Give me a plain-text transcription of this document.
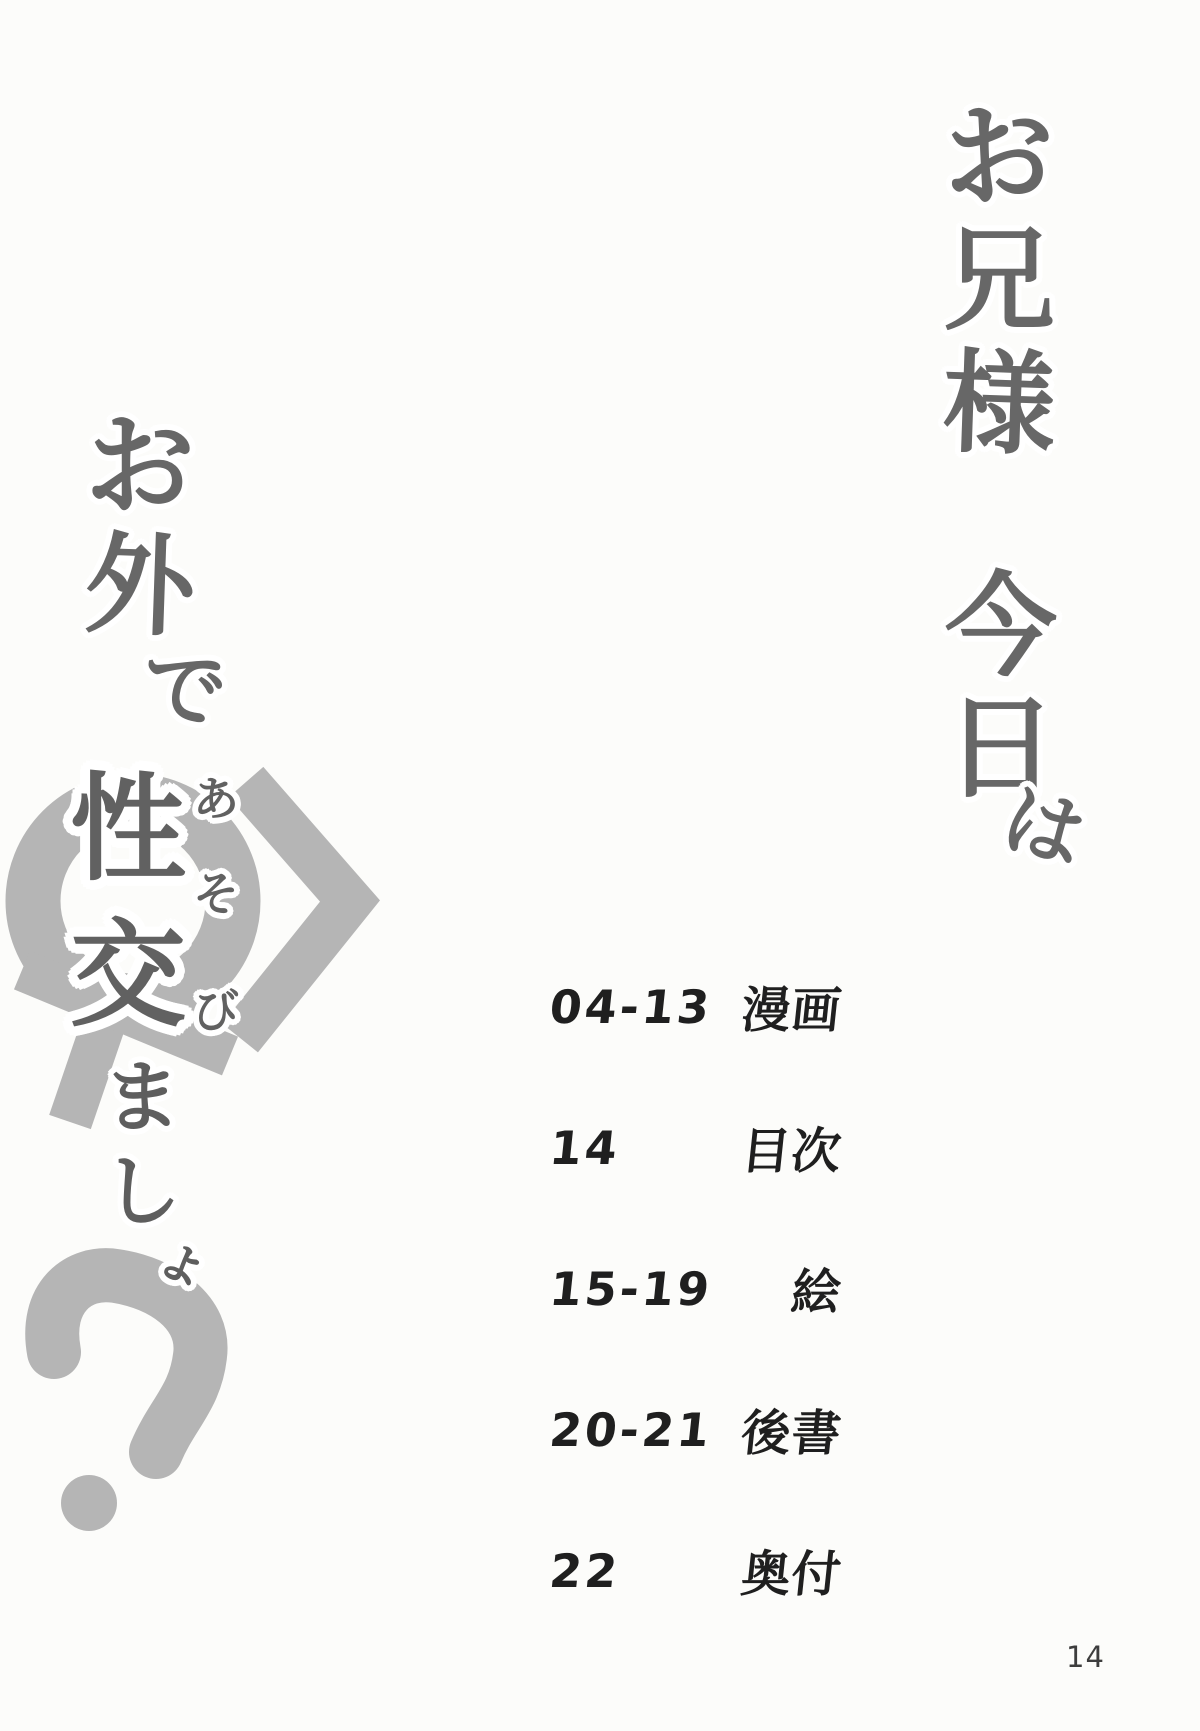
お
兄
様
今
日
は
お
外
で
性
交
あ
そ
び
ま
し
ょ
04-13 漫画
14	目次
15-19	絵
20-21 後書
22	奥付
14
